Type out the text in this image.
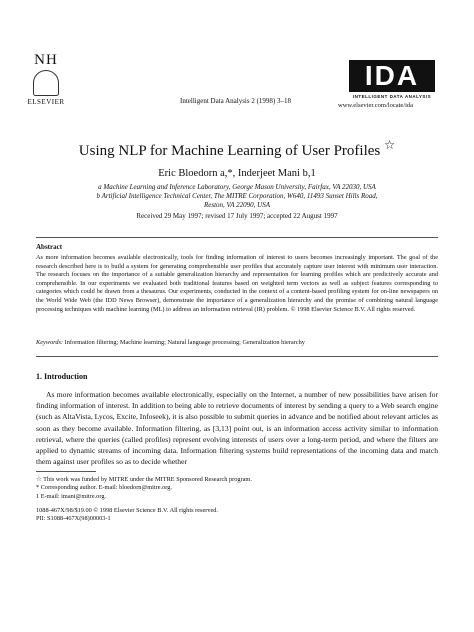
NH
ELSEVIER	Intelligent Data Analysis 2 (1998) 3–18
IDA
INTELLIGENT DATA ANALYSIS
www.elsevier.com/locate/ida
Using NLP for Machine Learning of User Profiles ☆
Eric Bloedorn a,*, Inderjeet Mani b,1
a Machine Learning and Inference Laboratory, George Mason University, Fairfax, VA 22030, USA
b Artificial Intelligence Technical Center, The MITRE Corporation, W640, 11493 Sunset Hills Road,
Reston, VA 22090, USA
Received 29 May 1997; revised 17 July 1997; accepted 22 August 1997
Abstract
As more information becomes available electronically, tools for finding information of interest to users becomes increasingly important. The goal of the research described here is to build a system for generating comprehensible user profiles that accurately capture user interest with minimum user interaction. The research focuses on the importance of a suitable generalization hierarchy and representation for learning profiles which are predictively accurate and comprehensible. In our experiments we evaluated both traditional features based on weighted term vectors as well as subject features corresponding to categories which could be drawn from a thesaurus. Our experiments, conducted in the context of a content-based profiling system for on-line newspapers on the World Wide Web (the IDD News Browser), demonstrate the importance of a generalization hierarchy and the promise of combining natural language processing techniques with machine learning (ML) to address an information retrieval (IR) problem. © 1998 Elsevier Science B.V. All rights reserved.
Keywords: Information filtering; Machine learning; Natural language processing; Generalization hierarchy
1. Introduction
As more information becomes available electronically, especially on the Internet, a number of new possibilities have arisen for finding information of interest. In addition to being able to retrieve documents of interest by sending a query to a Web search engine (such as AltaVista, Lycos, Excite, Infoseek), it is also possible to submit queries in advance and be notified about relevant articles as soon as they become available. Information filtering, as [3,13] point out, is an information access activity similar to information retrieval, where the queries (called profiles) represent evolving interests of users over a long-term period, and where the filters are applied to dynamic streams of incoming data. Information filtering systems build representations of the incoming data and match them against user profiles so as to decide whether
☆ This work was funded by MITRE under the MITRE Sponsored Research program.
* Corresponding author. E-mail: bloedorn@mitre.org.
1 E-mail: imani@mitre.org.
1088-467X/98/$19.00 © 1998 Elsevier Science B.V. All rights reserved.
PII: S1088-467X(98)00003-1
